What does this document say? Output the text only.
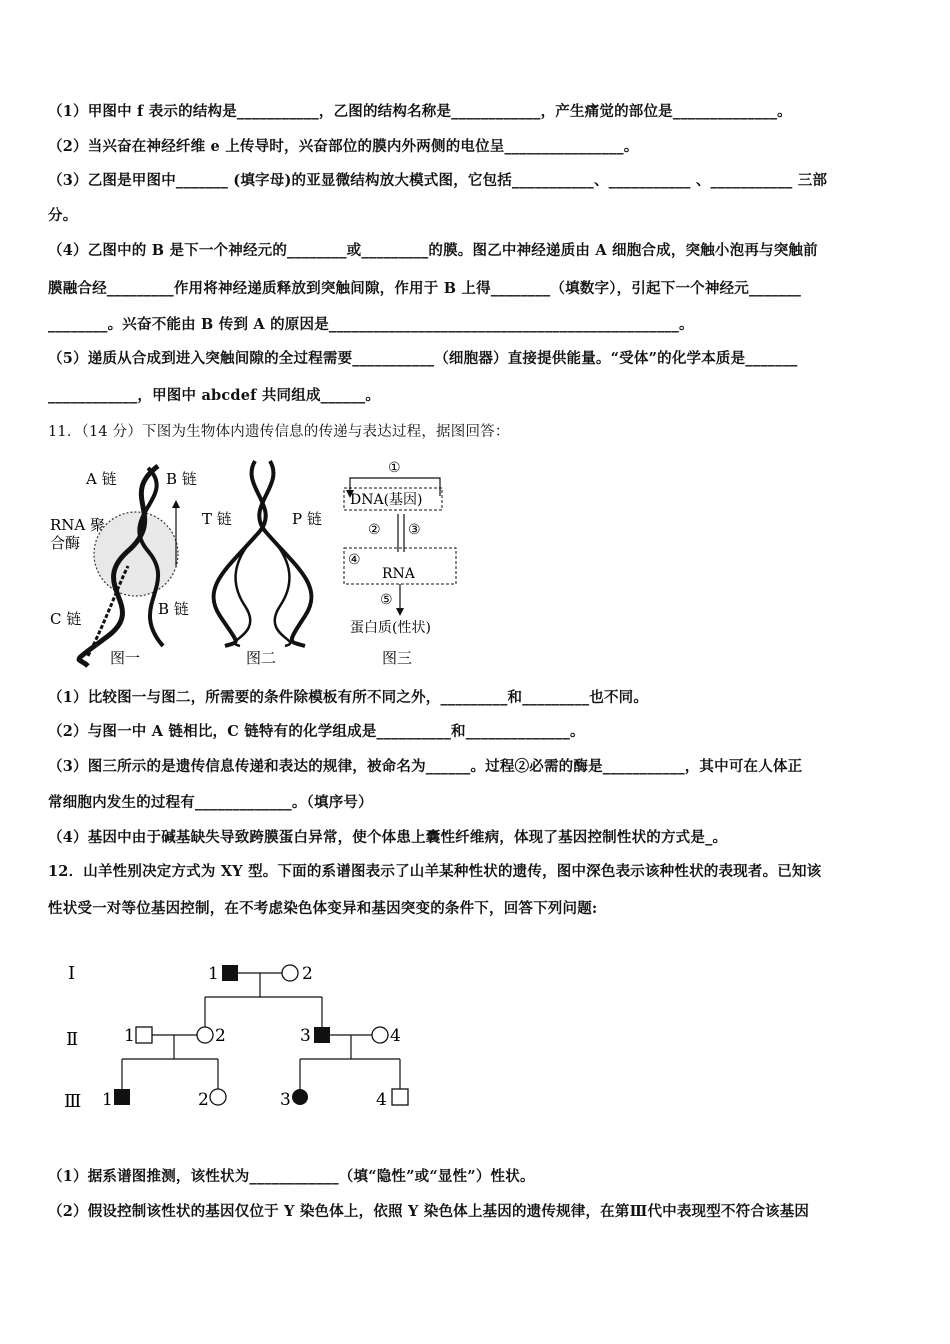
（1）甲图中 f 表示的结构是___________，乙图的结构名称是____________，产生痛觉的部位是______________。
（2）当兴奋在神经纤维 e 上传导时，兴奋部位的膜内外两侧的电位呈________________。
（3）乙图是甲图中_______ (填字母)的亚显微结构放大模式图，它包括___________、___________ 、___________ 三部
分。
（4）乙图中的 B 是下一个神经元的________或_________的膜。图乙中神经递质由 A 细胞合成，突触小泡再与突触前
膜融合经_________作用将神经递质释放到突触间隙，作用于 B 上得________（填数字），引起下一个神经元_______
________。兴奋不能由 B 传到 A 的原因是_______________________________________________。
（5）递质从合成到进入突触间隙的全过程需要___________（细胞器）直接提供能量。“受体”的化学本质是_______
____________，甲图中 abcdef 共同组成______。
11．（14 分）下图为生物体内遗传信息的传递与表达过程，据图回答：
A 链	B 链
RNA 聚
合酶
C 链
B 链
图一
T 链	P 链
图二
①
DNA(基因)
② ③
④
RNA
⑤
蛋白质(性状)
图三
（1）比较图一与图二，所需要的条件除模板有所不同之外，_________和_________也不同。
（2）与图一中 A 链相比，C 链特有的化学组成是__________和______________。
（3）图三所示的是遗传信息传递和表达的规律，被命名为______。过程②必需的酶是___________，其中可在人体正
常细胞内发生的过程有_____________。（填序号）
（4）基因中由于碱基缺失导致跨膜蛋白异常，使个体患上囊性纤维病，体现了基因控制性状的方式是_。
12．山羊性别决定方式为 XY 型。下面的系谱图表示了山羊某种性状的遗传，图中深色表示该种性状的表现者。已知该
性状受一对等位基因控制，在不考虑染色体变异和基因突变的条件下，回答下列问题:
Ⅰ
Ⅱ
Ⅲ
1	2
1	2	3	4
1	2	3	4
（1）据系谱图推测，该性状为____________（填“隐性”或“显性”）性状。
（2）假设控制该性状的基因仅位于 Y 染色体上，依照 Y 染色体上基因的遗传规律，在第Ⅲ代中表现型不符合该基因
